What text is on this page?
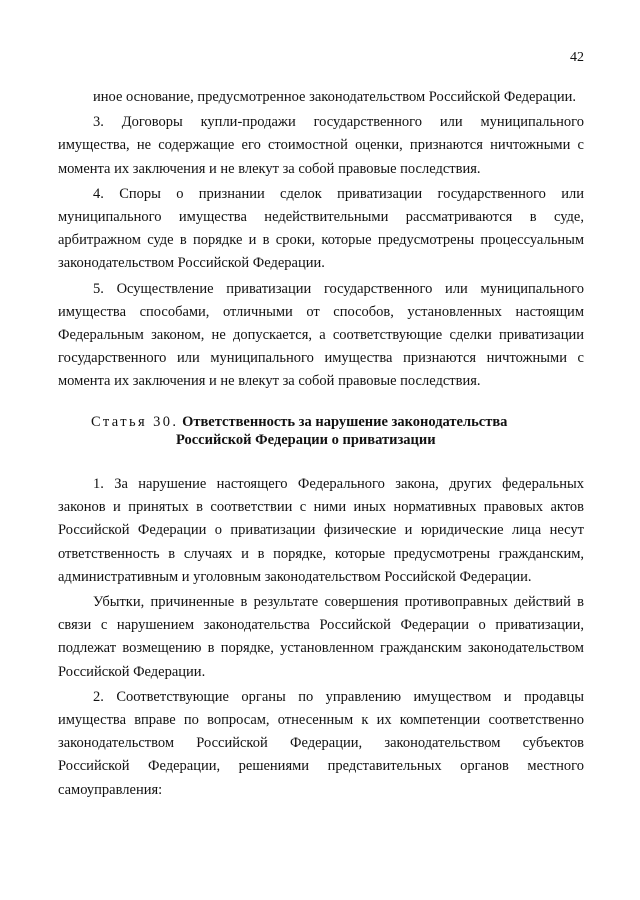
42

иное основание, предусмотренное законодательством Российской Федерации.

3. Договоры купли-продажи государственного или муниципального имущества, не содержащие его стоимостной оценки, признаются ничтожными с момента их заключения и не влекут за собой правовые последствия.

4. Споры о признании сделок приватизации государственного или муниципального имущества недействительными рассматриваются в суде, арбитражном суде в порядке и в сроки, которые предусмотрены процессуальным законодательством Российской Федерации.

5. Осуществление приватизации государственного или муниципального имущества способами, отличными от способов, установленных настоящим Федеральным законом, не допускается, а соответствующие сделки приватизации государственного или муниципального имущества признаются ничтожными с момента их заключения и не влекут за собой правовые последствия.

Статья 30. Ответственность за нарушение законодательства
Российской Федерации о приватизации

1. За нарушение настоящего Федерального закона, других федеральных законов и принятых в соответствии с ними иных нормативных правовых актов Российской Федерации о приватизации физические и юридические лица несут ответственность в случаях и в порядке, которые предусмотрены гражданским, административным и уголовным законодательством Российской Федерации.

Убытки, причиненные в результате совершения противоправных действий в связи с нарушением законодательства Российской Федерации о приватизации, подлежат возмещению в порядке, установленном гражданским законодательством Российской Федерации.

2. Соответствующие органы по управлению имуществом и продавцы имущества вправе по вопросам, отнесенным к их компетенции соответственно законодательством Российской Федерации, законодательством субъектов Российской Федерации, решениями представительных органов местного самоуправления:
